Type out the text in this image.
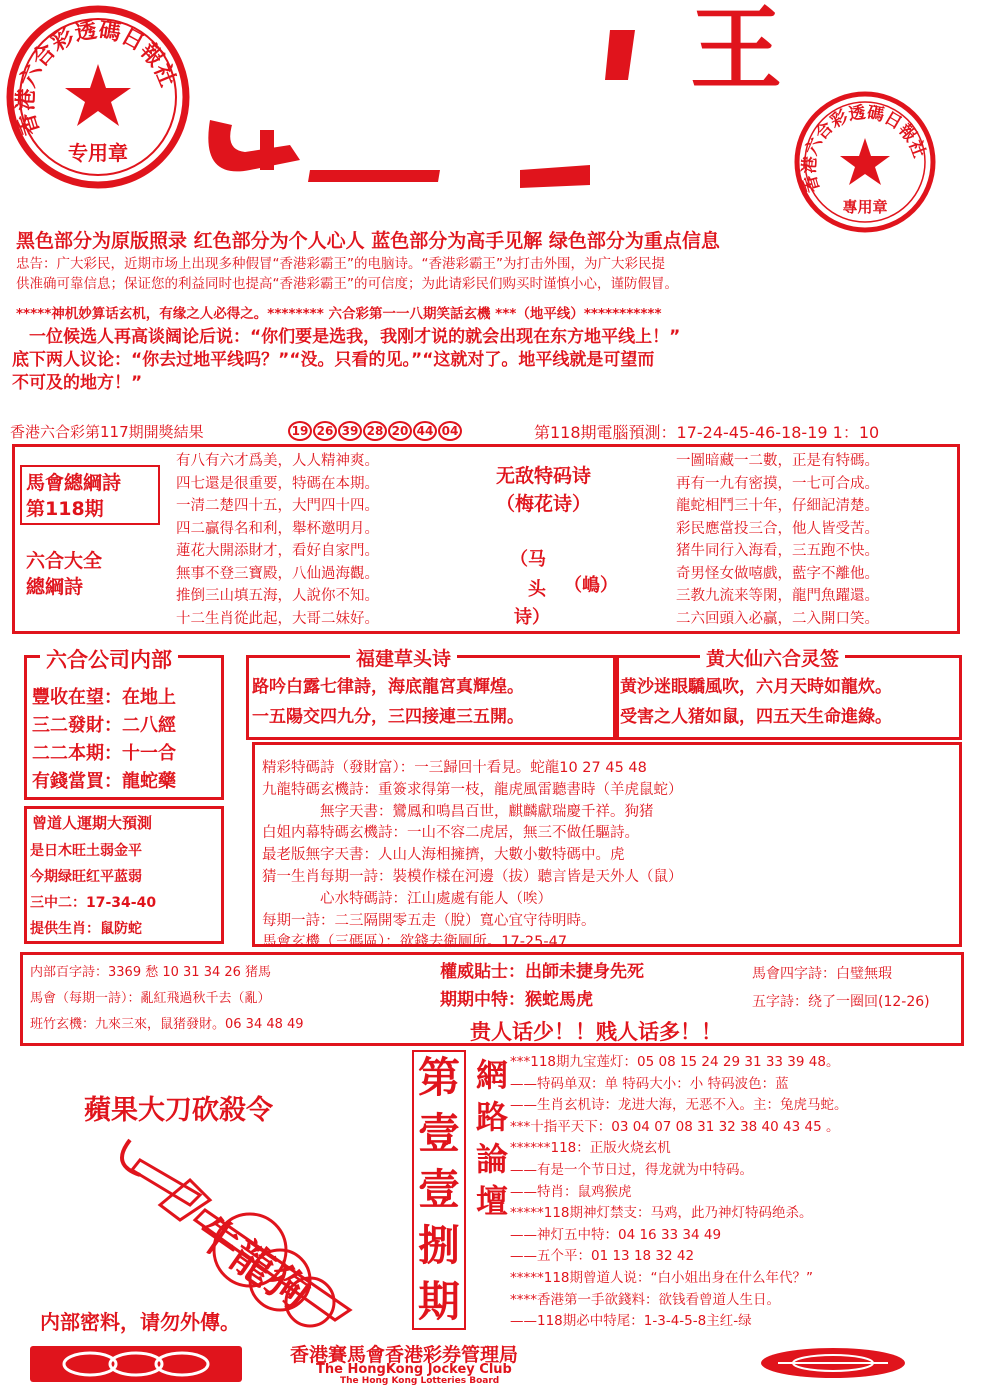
香港六合彩透碼日報社
专用章
王
香港六合彩透碼日報社
專用章
黑色部分为原版照录 红色部分为个人心人 蓝色部分为高手见解 绿色部分为重点信息
忠告：广大彩民，近期市场上出现多种假冒“香港彩霸王”的电脑诗。“香港彩霸王”为打击外围，为广大彩民提
供准确可靠信息；保证您的利益同时也提高“香港彩霸王”的可信度；为此请彩民们购买时谨慎小心，谨防假冒。
*****神机妙算话玄机，有缘之人必得之。******** 六合彩第一一八期笑話玄機 ***（地平线）***********
　一位候选人再高谈阔论后说：“你们要是选我，我刚才说的就会出现在东方地平线上！”
底下两人议论：“你去过地平线吗？”“没。只看的见。”“这就对了。地平线就是可望而
不可及的地方！”
香港六合彩第117期開獎結果	19 26 39 28 20 44 04	第118期電腦預測：17-24-45-46-18-19 1：10
馬會總綱詩
第118期
六合大全
總綱詩
有八有六才爲美，人人精神爽。
四七還是很重要，特碼在本期。
一清二楚四十五，大門四十四。
四二贏得名和利，舉杯邀明月。
蓮花大開添財才，看好自家門。
無事不登三寶殿，八仙過海觀。
推倒三山填五海，人說你不知。
十二生肖從此起，大哥二妹好。
无敌特码诗
（梅花诗）
（马
头
诗）
（嶋）
一圖暗藏一二數，正是有特碼。
再有一九有密摸，一七可合成。
龍蛇相鬥三十年，仔細記清楚。
彩民應當投三合，他人皆受苦。
猪牛同行入海看，三五跑不快。
奇男怪女做嘻戲，藍字不離他。
三教九流来等閑，龍門魚躍還。
二六回頭入必贏，二入開口笑。
六合公司内部
豐收在望：在地上
三二發財：二八經
二二本期：十一合
有錢當買：龍蛇藥
福建草头诗
路吟白露七律詩，海底龍宮真輝煌。
一五陽交四九分，三四接連三五開。
黄大仙六合灵签
黄沙迷眼驕風吹，六月天時如龍炊。
受害之人猪如鼠，四五天生命進綠。
曾道人運期大預測
是日木旺土弱金平
今期绿旺红平蓝弱
三中二：17-34-40
提供生肖：鼠防蛇
精彩特碼詩（發財富）：一三歸回十看見。蛇龍10 27 45 48
九龍特碼玄機詩：重簽求得第一枝，龍虎風雷聽書時（羊虎鼠蛇）
　　　　無字天書：鸞鳳和鳴昌百世，麒麟獻瑞慶千祥。狗猪
白姐内幕特碼玄機詩：一山不容二虎居，無三不做任驅詩。
最老版無字天書：人山人海相擁擠，大數小數特碼中。虎
猜一生肖每期一詩：裝模作樣在河邊（拔）聽言皆是天外人（鼠）
　　　　心水特碼詩：江山處處有能人（唉）
每期一詩：二三隔開零五走（脫）寬心宜守待明時。
馬會玄機（三碼區）：欲錢去衛厕所。17-25-47
内部百字詩：3369 愁 10 31 34 26 猪馬
馬會（每期一詩）：亂紅飛過秋千去（亂）
班竹玄機：九來三來，鼠猪發財。06 34 48 49
權威貼士：出師未捷身先死
期期中特：猴蛇馬虎
馬會四字詩：白璧無瑕
五字詩：绕了一圈回(12-26)
贵人话少！！贱人话多！！
蘋果大刀砍殺令
牛龍狗
内部密料，请勿外傳。
第
壹
壹
捌
期
網
路
論
壇
***118期九宝莲灯：05 08 15 24 29 31 33 39 48。
——特码单双：单 特码大小：小 特码波色：蓝
——生肖玄机诗：龙进大海，无恶不入。主：兔虎马蛇。
***十指平天下：03 04 07 08 31 32 38 40 43 45 。
******118：正版火烧玄机
——有是一个节日过，得龙就为中特码。
——特肖：鼠鸡猴虎
*****118期神灯禁支：马鸡，此乃神灯特码绝杀。
——神灯五中特：04 16 33 34 49
——五个平：01 13 18 32 42
*****118期曾道人说：“白小姐出身在什么年代？”
****香港第一手欲錢料：欲钱看曾道人生日。
——118期必中特尾：1-3-4-5-8主红-绿
香港賽馬會香港彩券管理局
The HongKong Jockey Club
The Hong Kong Lotteries Board
